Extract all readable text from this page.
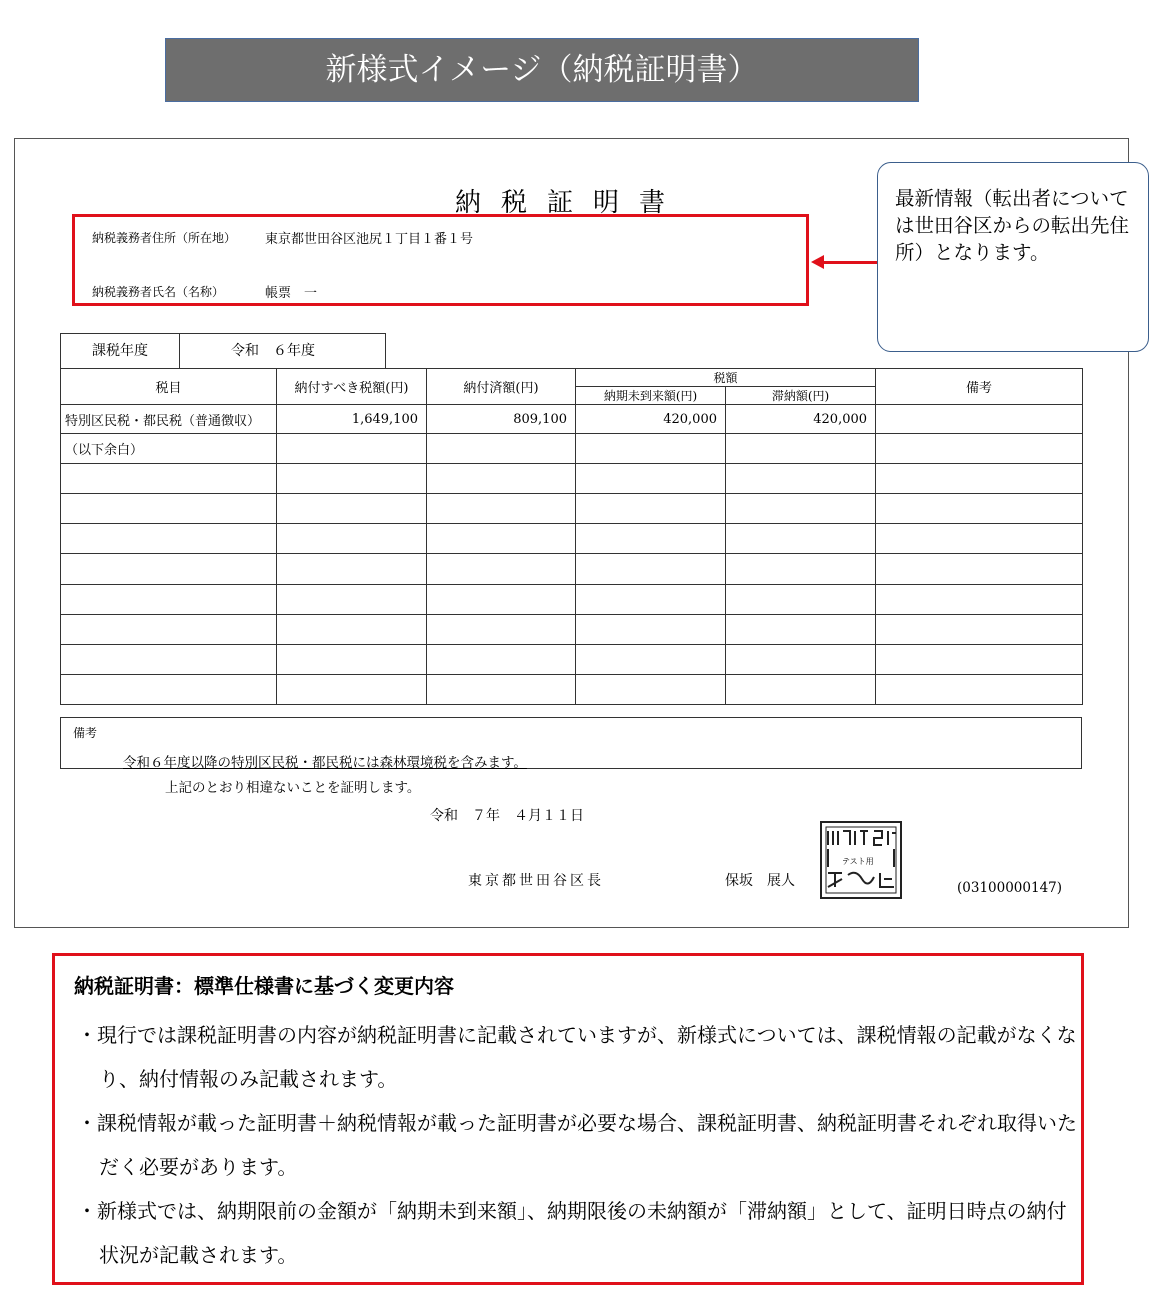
新様式イメージ（納税証明書）
納税証明書
納税義務者住所（所在地） 東京都世田谷区池尻１丁目１番１号
納税義務者氏名（名称）	帳票　一
最新情報（転出者については世田谷区からの転出先住所）となります。
課税年度	令和　６年度
税目	納付すべき税額(円)	納付済額(円)	税額		備考
			納期未到来額(円)	滞納額(円)	
特別区民税・都民税（普通徴収）	1,649,100	809,100	420,000	420,000	
（以下余白）					

備考
令和６年度以降の特別区民税・都民税には森林環境税を含みます。
上記のとおり相違ないことを証明します。
令和　７年　４月１１日
東京都世田谷区長	保坂　展人
テスト用
(03100000147)
納税証明書：標準仕様書に基づく変更内容
・現行では課税証明書の内容が納税証明書に記載されていますが、新様式については、課税情報の記載がなくなり、納付情報のみ記載されます。
・課税情報が載った証明書＋納税情報が載った証明書が必要な場合、課税証明書、納税証明書それぞれ取得いただく必要があります。
・新様式では、納期限前の金額が「納期未到来額」、納期限後の未納額が「滞納額」として、証明日時点の納付状況が記載されます。
